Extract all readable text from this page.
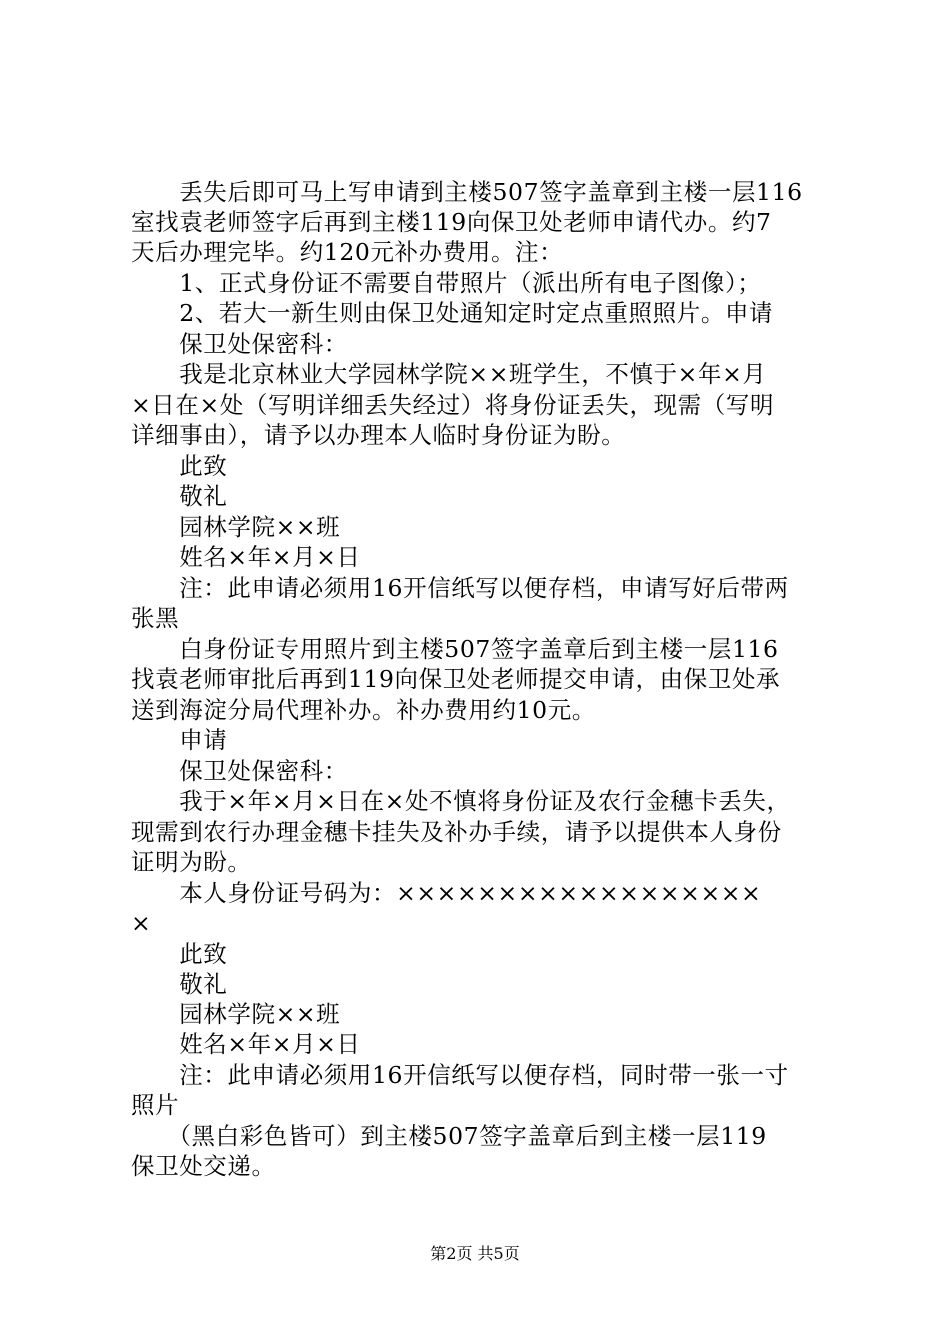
　　丢失后即可马上写申请到主楼507签字盖章到主楼一层116
室找袁老师签字后再到主楼119向保卫处老师申请代办。约7
天后办理完毕。约120元补办费用。注：
　　1、正式身份证不需要自带照片（派出所有电子图像）；
　　2、若大一新生则由保卫处通知定时定点重照照片。申请
　　保卫处保密科：
　　我是北京林业大学园林学院××班学生，不慎于×年×月
×日在×处（写明详细丢失经过）将身份证丢失，现需（写明
详细事由），请予以办理本人临时身份证为盼。
　　此致
　　敬礼
　　园林学院××班
　　姓名×年×月×日
　　注：此申请必须用16开信纸写以便存档，申请写好后带两
张黑
　　白身份证专用照片到主楼507签字盖章后到主楼一层116
找袁老师审批后再到119向保卫处老师提交申请，由保卫处承
送到海淀分局代理补办。补办费用约10元。
　　申请
　　保卫处保密科：
　　我于×年×月×日在×处不慎将身份证及农行金穗卡丢失，
现需到农行办理金穗卡挂失及补办手续，请予以提供本人身份
证明为盼。
　　本人身份证号码为：××××××××××××××××××
×
　　此致
　　敬礼
　　园林学院××班
　　姓名×年×月×日
　　注：此申请必须用16开信纸写以便存档，同时带一张一寸
照片
　　（黑白彩色皆可）到主楼507签字盖章后到主楼一层119
保卫处交递。
第2页 共5页
